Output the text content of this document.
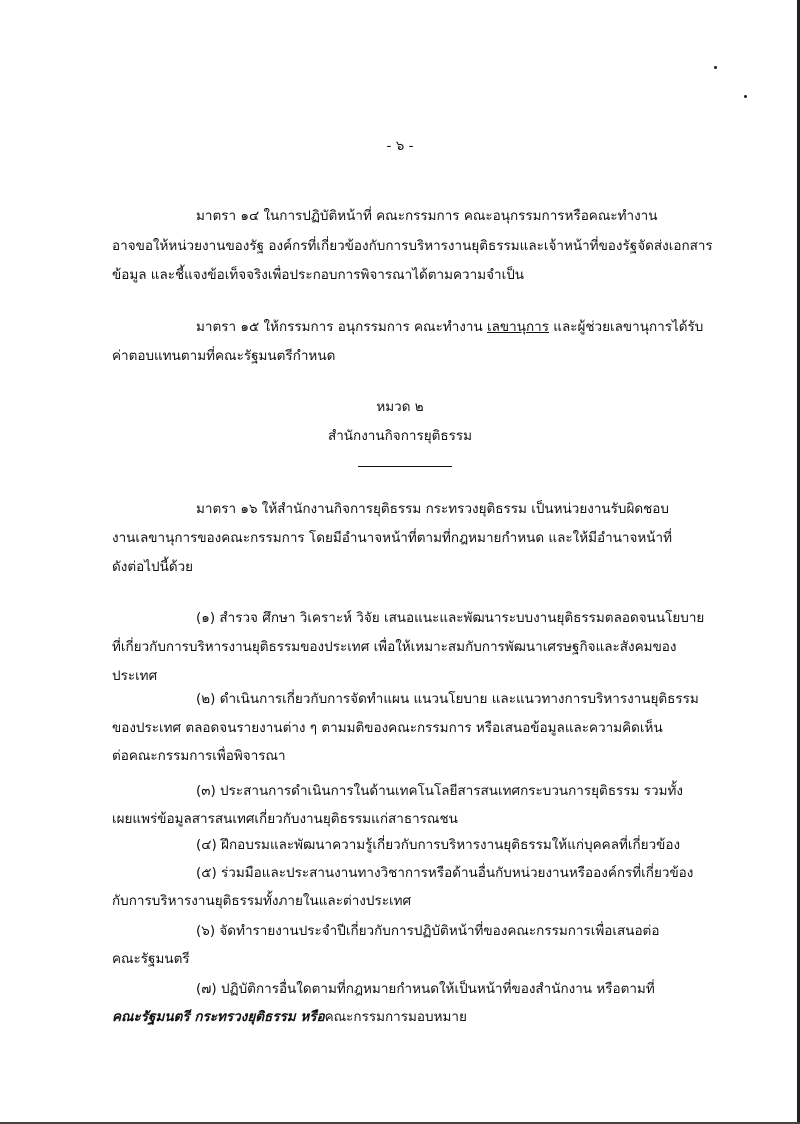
- ๖ -
มาตรา ๑๔ ในการปฏิบัติหน้าที่ คณะกรรมการ คณะอนุกรรมการหรือคณะทำงาน
อาจขอให้หน่วยงานของรัฐ องค์กรที่เกี่ยวข้องกับการบริหารงานยุติธรรมและเจ้าหน้าที่ของรัฐจัดส่งเอกสาร
ข้อมูล และชี้แจงข้อเท็จจริงเพื่อประกอบการพิจารณาได้ตามความจำเป็น
มาตรา ๑๕ ให้กรรมการ อนุกรรมการ คณะทำงาน เลขานุการ และผู้ช่วยเลขานุการได้รับ
ค่าตอบแทนตามที่คณะรัฐมนตรีกำหนด
หมวด ๒
สำนักงานกิจการยุติธรรม
มาตรา ๑๖ ให้สำนักงานกิจการยุติธรรม กระทรวงยุติธรรม เป็นหน่วยงานรับผิดชอบ
งานเลขานุการของคณะกรรมการ โดยมีอำนาจหน้าที่ตามที่กฎหมายกำหนด และให้มีอำนาจหน้าที่
ดังต่อไปนี้ด้วย
(๑) สำรวจ ศึกษา วิเคราะห์ วิจัย เสนอแนะและพัฒนาระบบงานยุติธรรมตลอดจนนโยบาย
ที่เกี่ยวกับการบริหารงานยุติธรรมของประเทศ เพื่อให้เหมาะสมกับการพัฒนาเศรษฐกิจและสังคมของ
ประเทศ
(๒) ดำเนินการเกี่ยวกับการจัดทำแผน แนวนโยบาย และแนวทางการบริหารงานยุติธรรม
ของประเทศ ตลอดจนรายงานต่าง ๆ ตามมติของคณะกรรมการ หรือเสนอข้อมูลและความคิดเห็น
ต่อคณะกรรมการเพื่อพิจารณา
(๓) ประสานการดำเนินการในด้านเทคโนโลยีสารสนเทศกระบวนการยุติธรรม รวมทั้ง
เผยแพร่ข้อมูลสารสนเทศเกี่ยวกับงานยุติธรรมแก่สาธารณชน
(๔) ฝึกอบรมและพัฒนาความรู้เกี่ยวกับการบริหารงานยุติธรรมให้แก่บุคคลที่เกี่ยวข้อง
(๕) ร่วมมือและประสานงานทางวิชาการหรือด้านอื่นกับหน่วยงานหรือองค์กรที่เกี่ยวข้อง
กับการบริหารงานยุติธรรมทั้งภายในและต่างประเทศ
(๖) จัดทำรายงานประจำปีเกี่ยวกับการปฏิบัติหน้าที่ของคณะกรรมการเพื่อเสนอต่อ
คณะรัฐมนตรี
(๗) ปฏิบัติการอื่นใดตามที่กฎหมายกำหนดให้เป็นหน้าที่ของสำนักงาน หรือตามที่
คณะรัฐมนตรี กระทรวงยุติธรรม หรือคณะกรรมการมอบหมาย
